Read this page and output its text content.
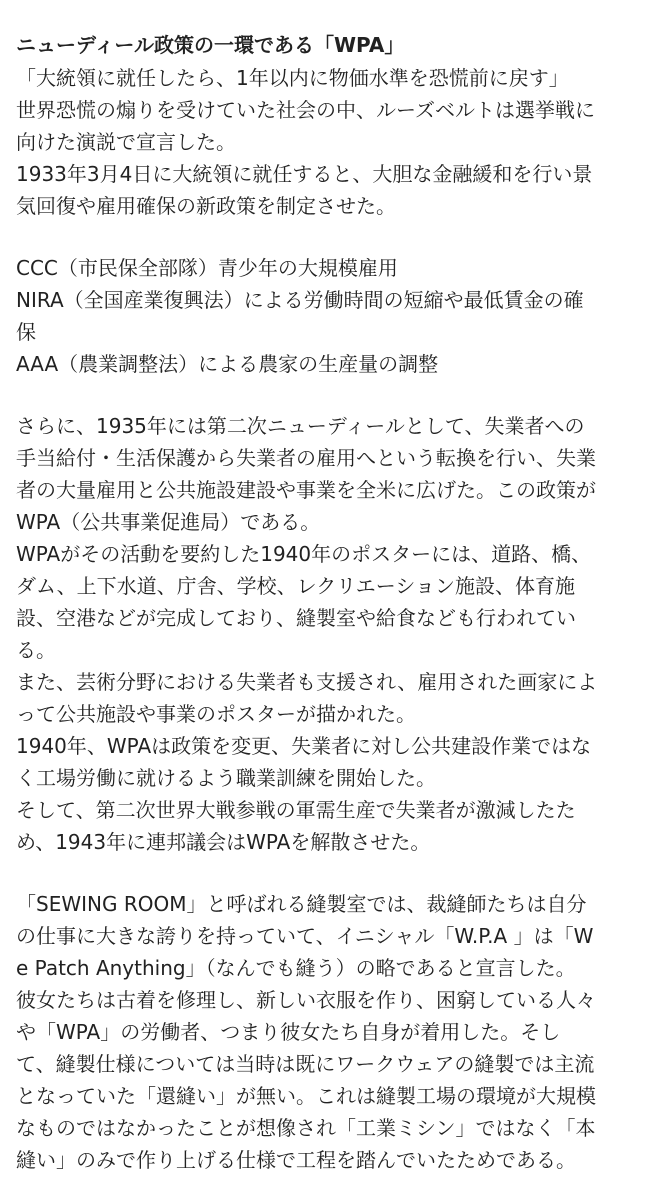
ニューディール政策の一環である「WPA」
「大統領に就任したら、1年以内に物価水準を恐慌前に戻す」
世界恐慌の煽りを受けていた社会の中、ルーズベルトは選挙戦に
向けた演説で宣言した。
1933年3月4日に大統領に就任すると、大胆な金融緩和を行い景
気回復や雇用確保の新政策を制定させた。
CCC（市民保全部隊）青少年の大規模雇用
NIRA（全国産業復興法）による労働時間の短縮や最低賃金の確
保
AAA（農業調整法）による農家の生産量の調整
さらに、1935年には第二次ニューディールとして、失業者への
手当給付・生活保護から失業者の雇用へという転換を行い、失業
者の大量雇用と公共施設建設や事業を全米に広げた。この政策が
WPA（公共事業促進局）である。
WPAがその活動を要約した1940年のポスターには、道路、橋、
ダム、上下水道、庁舎、学校、レクリエーション施設、体育施
設、空港などが完成しており、縫製室や給食なども行われてい
る。
また、芸術分野における失業者も支援され、雇用された画家によ
って公共施設や事業のポスターが描かれた。
1940年、WPAは政策を変更、失業者に対し公共建設作業ではな
く工場労働に就けるよう職業訓練を開始した。
そして、第二次世界大戦参戦の軍需生産で失業者が激減したた
め、1943年に連邦議会はWPAを解散させた。
「SEWING ROOM」と呼ばれる縫製室では、裁縫師たちは自分
の仕事に大きな誇りを持っていて、イニシャル「W.P.A 」は「W
e Patch Anything」（なんでも縫う）の略であると宣言した。
彼女たちは古着を修理し、新しい衣服を作り、困窮している人々
や「WPA」の労働者、つまり彼女たち自身が着用した。そし
て、縫製仕様については当時は既にワークウェアの縫製では主流
となっていた「還縫い」が無い。これは縫製工場の環境が大規模
なものではなかったことが想像され「工業ミシン」ではなく「本
縫い」のみで作り上げる仕様で工程を踏んでいたためである。
